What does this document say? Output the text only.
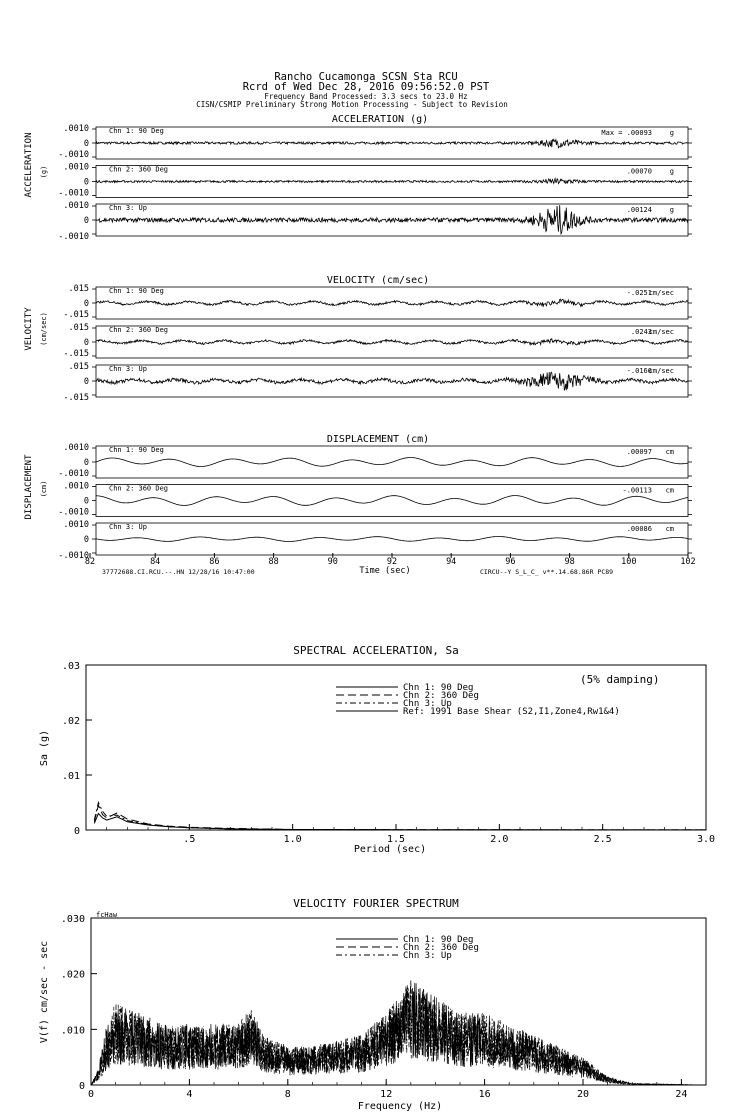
Rancho Cucamonga SCSN Sta RCU
Rcrd of Wed Dec 28, 2016 09:56:52.0 PST
Frequency Band Processed: 3.3 secs to 23.0 Hz
CISN/CSMIP Preliminary Strong Motion Processing - Subject to Revision
ACCELERATION (g)
ACCELERATION (g)
.0010
0
-.0010
Chn 1: 90 Deg	Max = .00093	g
.0010
0
-.0010
Chn 2: 360 Deg	.00070	g
.0010
0
-.0010
Chn 3: Up	.00124	g
VELOCITY (cm/sec)
VELOCITY (cm/sec)
.015
0
-.015
Chn 1: 90 Deg	-.0251
cm/sec
.015
0
-.015
Chn 2: 360 Deg	.0243
cm/sec
.015
0
-.015
Chn 3: Up	-.0166
cm/sec
DISPLACEMENT (cm)
DISPLACEMENT (cm)
.0010
0
-.0010
Chn 1: 90 Deg	.00097 cm
.0010
0
-.0010
Chn 2: 360 Deg	-.00113 cm
.0010
0
-.0010
Chn 3: Up	.00086 cm
82	84	86	88	90	92	94	96	98	100	102
Time (sec)
37772688.CI.RCU.--.HN 12/28/16 10:47:00	CIRCU--Y S_L_C_ v**.14.68.86R PC89
SPECTRAL ACCELERATION, Sa
Sa (g)
Period (sec)
(5% damping)
0
.01
.02
.03
.5	1.0	1.5	2.0	2.5	3.0
Chn 1: 90 Deg
Chn 2: 360 Deg
Chn 3: Up
Ref: 1991 Base Shear (S2,I1,Zone4,Rw1&4)
VELOCITY FOURIER SPECTRUM
V(f) cm/sec - sec
Frequency (Hz)
fcHaw
0
.010
.020
.030
0	4	8	12	16	20	24
Chn 1: 90 Deg
Chn 2: 360 Deg
Chn 3: Up
